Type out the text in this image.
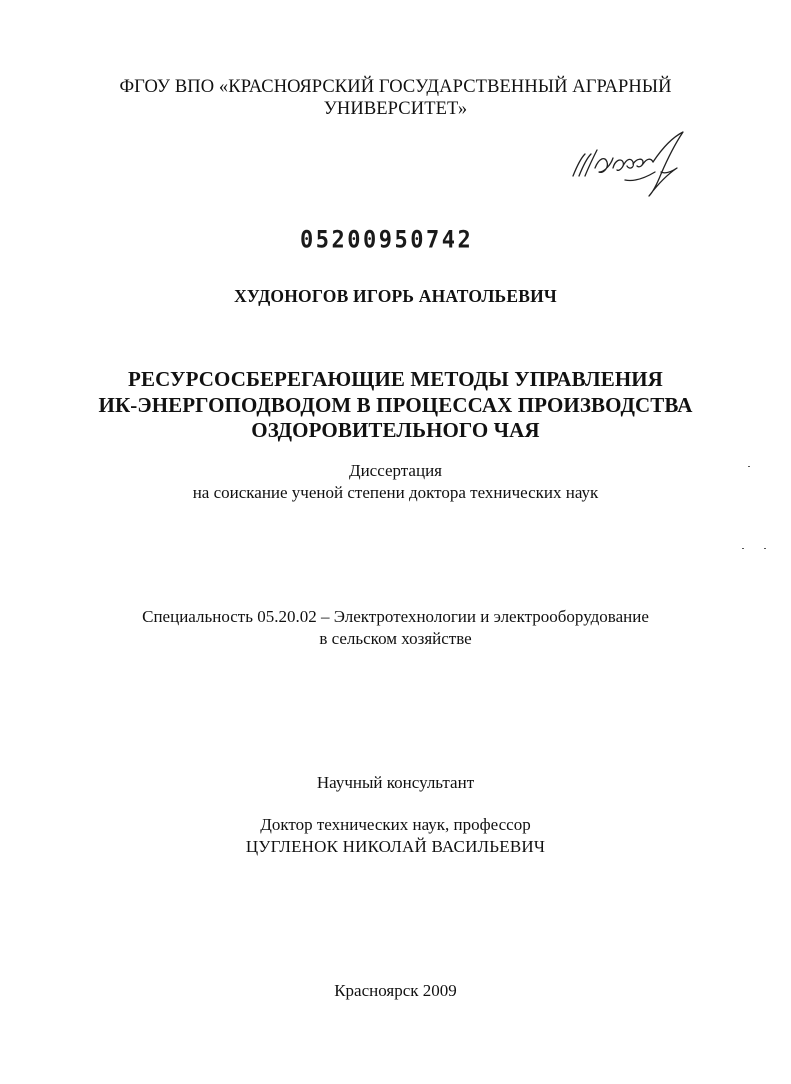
ФГОУ ВПО «КРАСНОЯРСКИЙ ГОСУДАРСТВЕННЫЙ АГРАРНЫЙ
УНИВЕРСИТЕТ»
05200950742
ХУДОНОГОВ ИГОРЬ АНАТОЛЬЕВИЧ
РЕСУРСОСБЕРЕГАЮЩИЕ МЕТОДЫ УПРАВЛЕНИЯ
ИК-ЭНЕРГОПОДВОДОМ В ПРОЦЕССАХ ПРОИЗВОДСТВА
ОЗДОРОВИТЕЛЬНОГО ЧАЯ
Диссертация
на соискание ученой степени доктора технических наук
Специальность 05.20.02 – Электротехнологии и электрооборудование
в сельском хозяйстве
Научный консультант
Доктор технических наук, профессор
ЦУГЛЕНОК НИКОЛАЙ ВАСИЛЬЕВИЧ
Красноярск 2009
